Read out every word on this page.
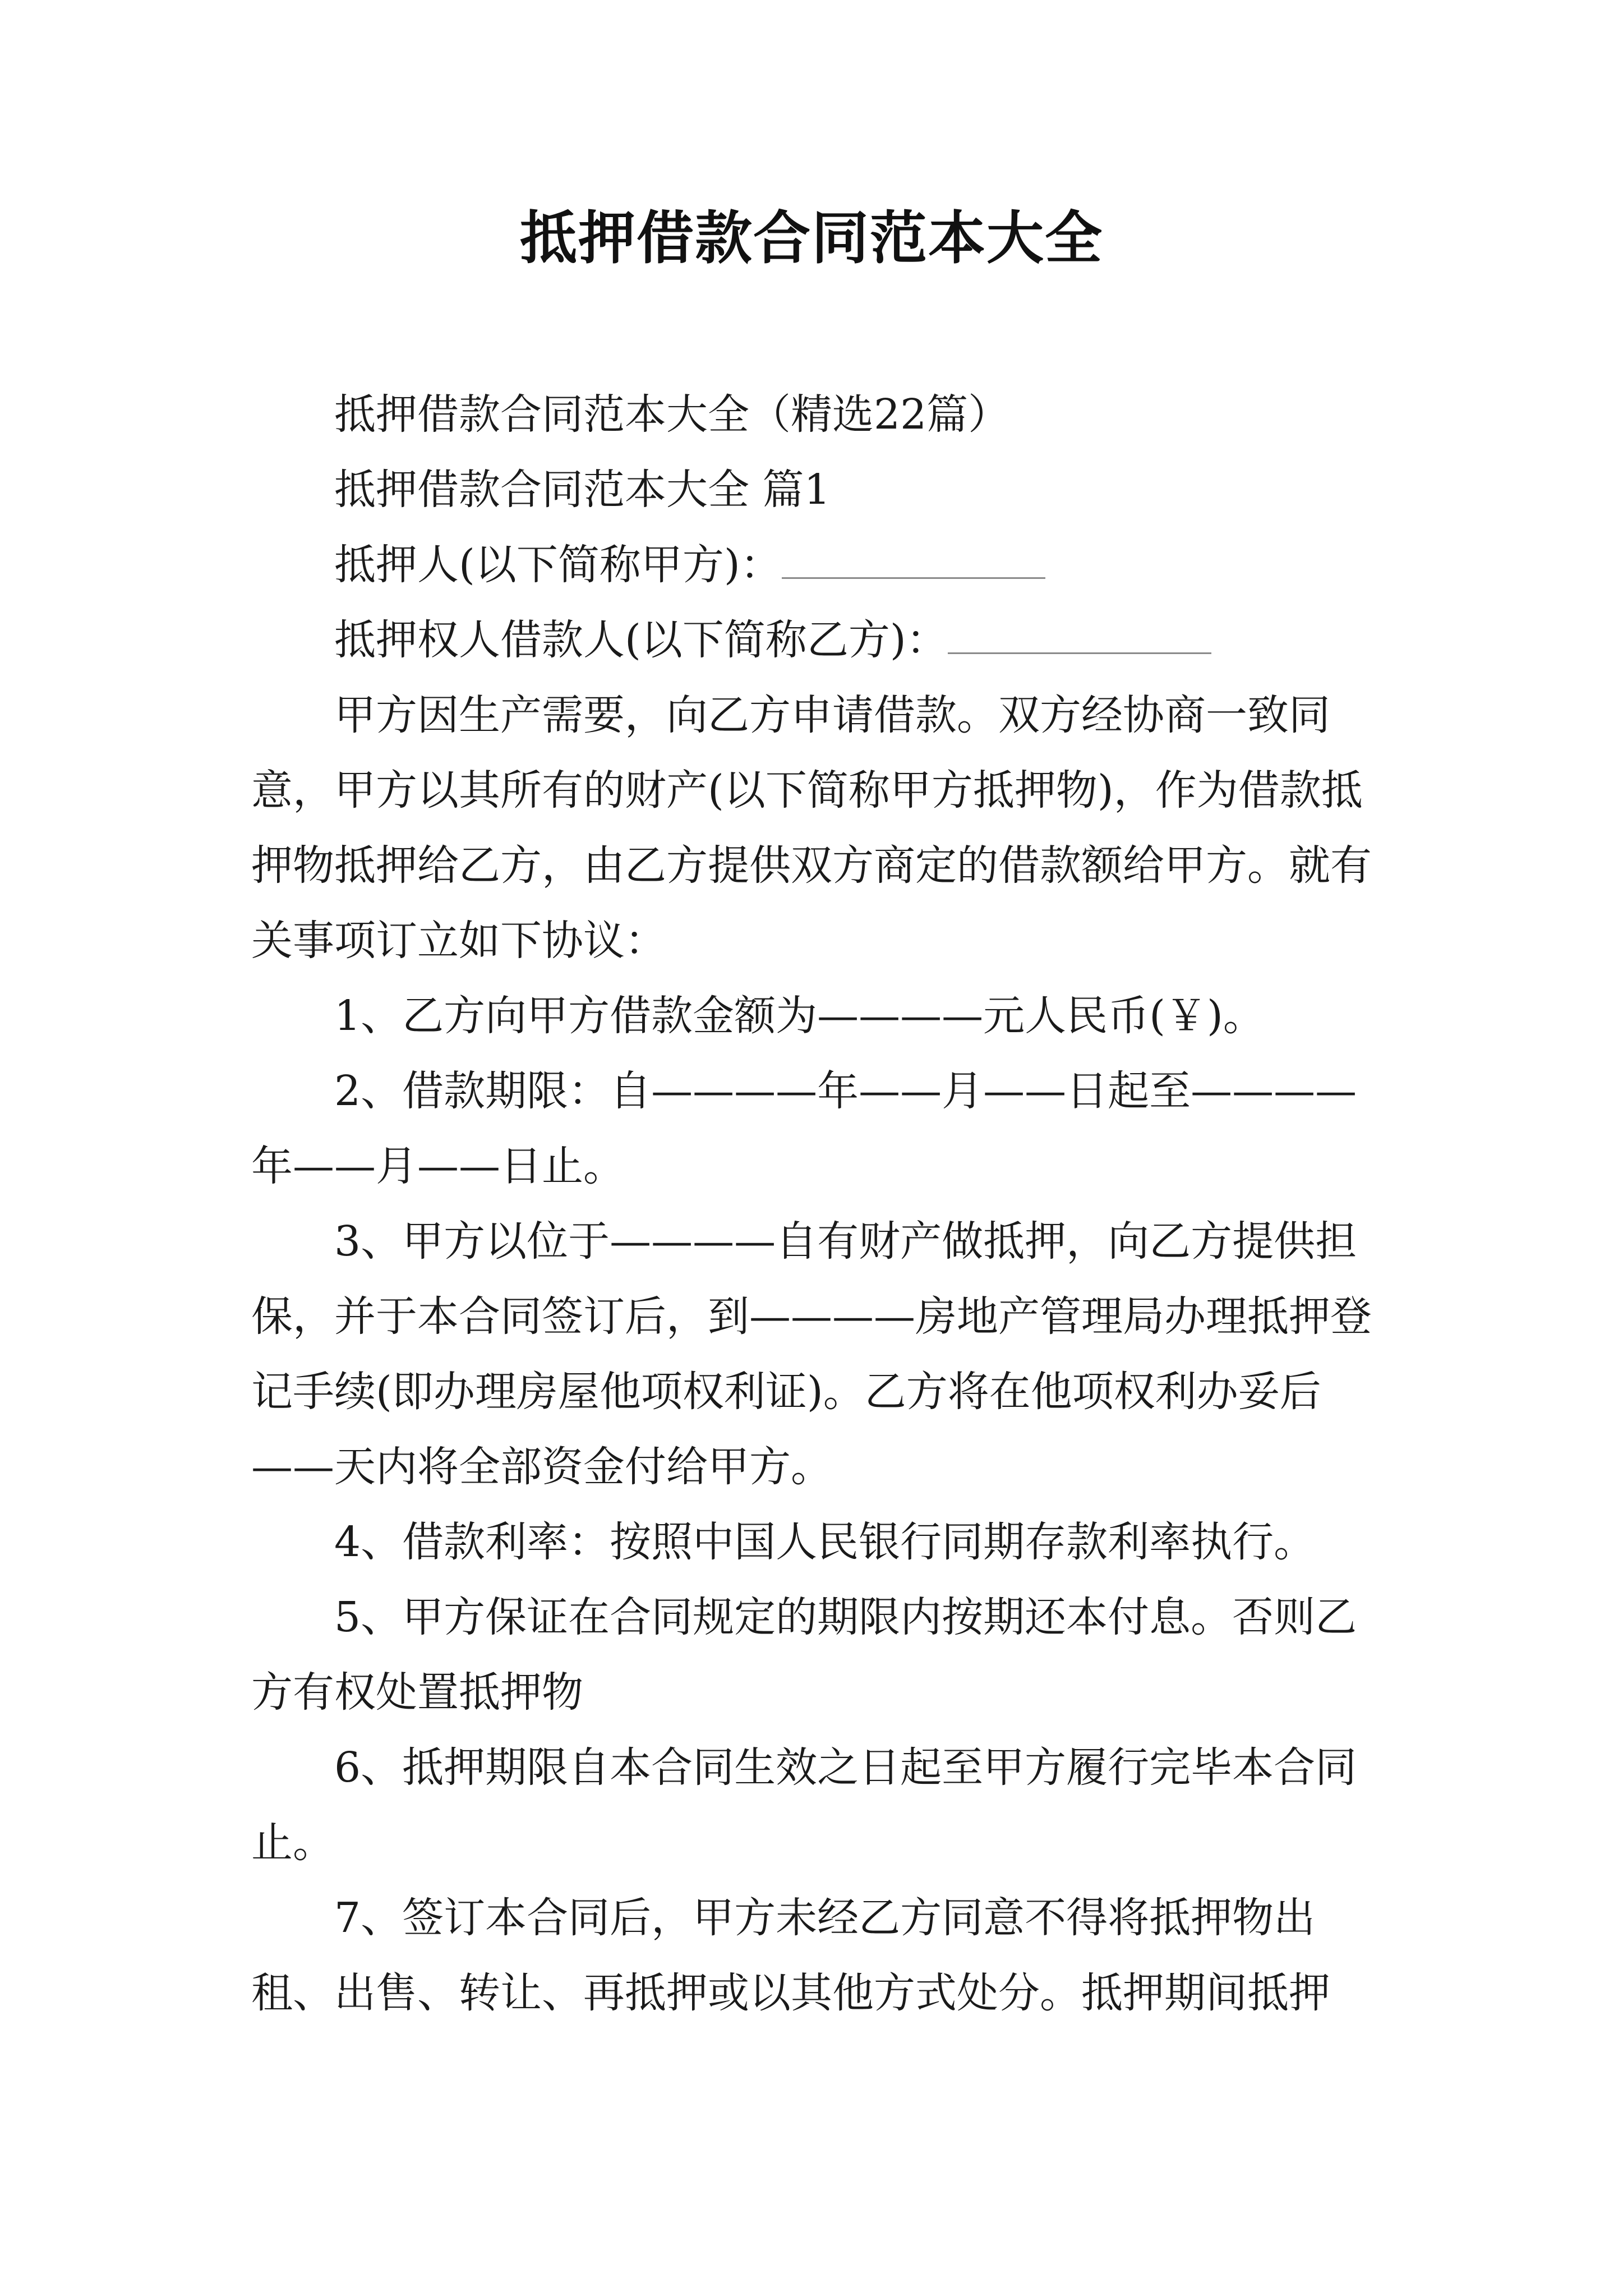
抵押借款合同范本大全

抵押借款合同范本大全（精选22篇）

抵押借款合同范本大全 篇1

抵押人(以下简称甲方)：

抵押权人借款人(以下简称乙方)：

甲方因生产需要，向乙方申请借款。双方经协商一致同意，甲方以其所有的财产(以下简称甲方抵押物)，作为借款抵押物抵押给乙方，由乙方提供双方商定的借款额给甲方。就有关事项订立如下协议：

1、乙方向甲方借款金额为————元人民币(￥)。

2、借款期限：自————年——月——日起至————年——月——日止。

3、甲方以位于————自有财产做抵押，向乙方提供担保，并于本合同签订后，到————房地产管理局办理抵押登记手续(即办理房屋他项权利证)。乙方将在他项权利办妥后——天内将全部资金付给甲方。

4、借款利率：按照中国人民银行同期存款利率执行。

5、甲方保证在合同规定的期限内按期还本付息。否则乙方有权处置抵押物

6、抵押期限自本合同生效之日起至甲方履行完毕本合同止。

7、签订本合同后，甲方未经乙方同意不得将抵押物出租、出售、转让、再抵押或以其他方式处分。抵押期间抵押
